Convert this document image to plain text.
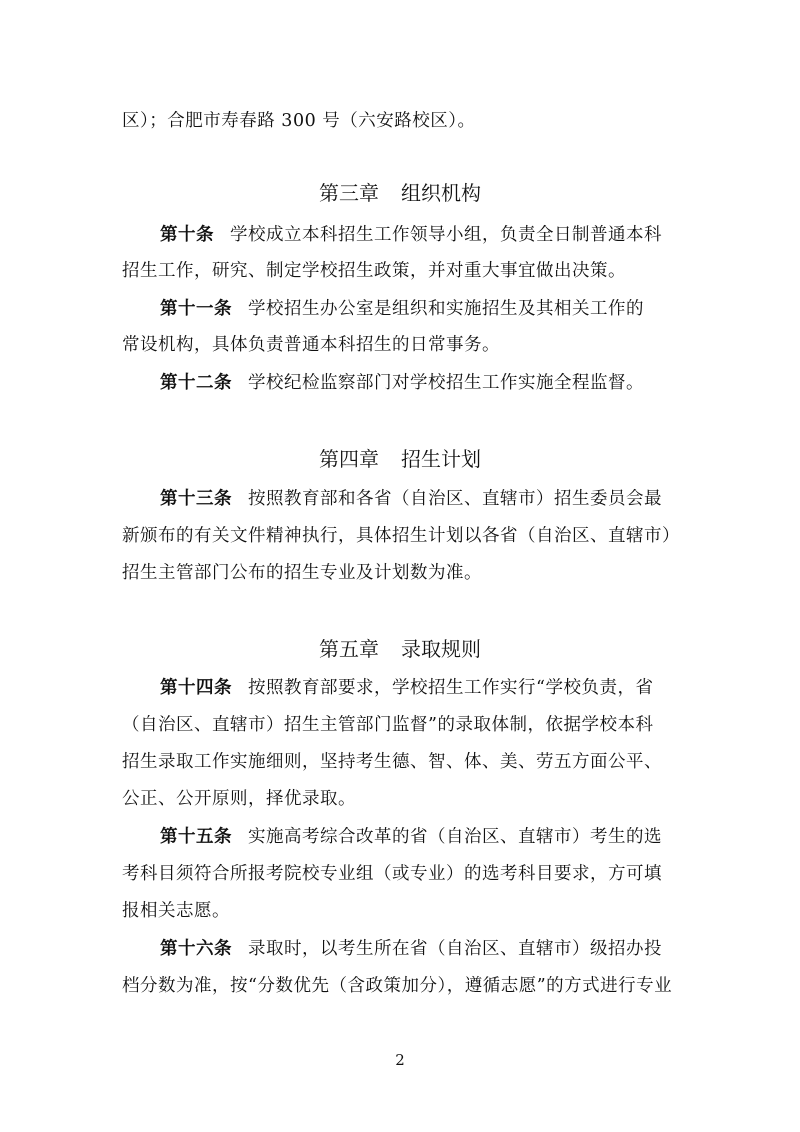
区）；合肥市寿春路 300 号（六安路校区）。
第三章 组织机构
第十条 学校成立本科招生工作领导小组，负责全日制普通本科
招生工作，研究、制定学校招生政策，并对重大事宜做出决策。
第十一条 学校招生办公室是组织和实施招生及其相关工作的
常设机构，具体负责普通本科招生的日常事务。
第十二条 学校纪检监察部门对学校招生工作实施全程监督。
第四章 招生计划
第十三条 按照教育部和各省（自治区、直辖市）招生委员会最
新颁布的有关文件精神执行，具体招生计划以各省（自治区、直辖市）
招生主管部门公布的招生专业及计划数为准。
第五章 录取规则
第十四条 按照教育部要求，学校招生工作实行“学校负责，省
（自治区、直辖市）招生主管部门监督”的录取体制，依据学校本科
招生录取工作实施细则，坚持考生德、智、体、美、劳五方面公平、
公正、公开原则，择优录取。
第十五条 实施高考综合改革的省（自治区、直辖市）考生的选
考科目须符合所报考院校专业组（或专业）的选考科目要求，方可填
报相关志愿。
第十六条 录取时，以考生所在省（自治区、直辖市）级招办投
档分数为准，按“分数优先（含政策加分），遵循志愿”的方式进行专业
2
